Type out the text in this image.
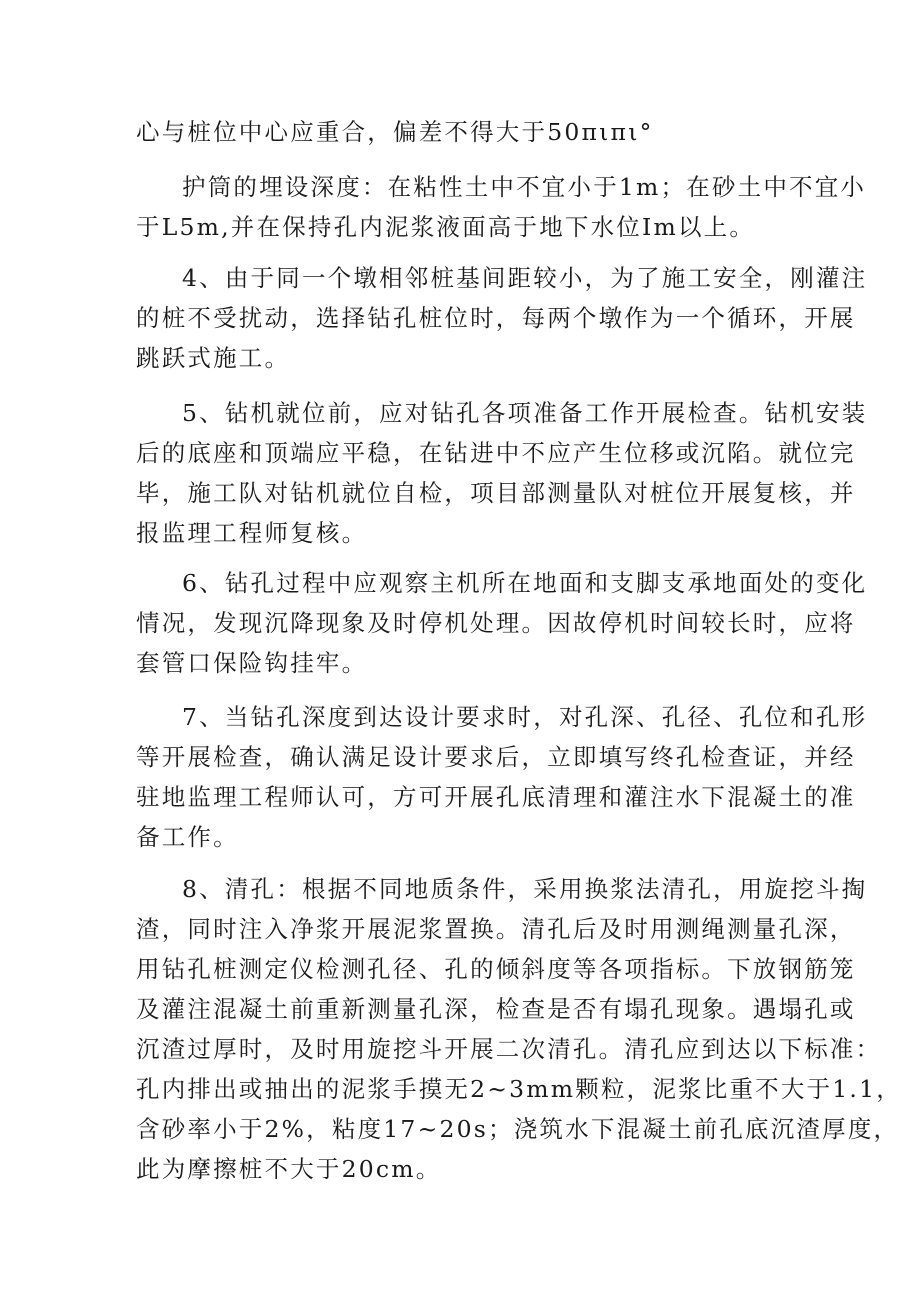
心与桩位中心应重合，偏差不得大于50πιπι°

护筒的埋设深度：在粘性土中不宜小于1m；在砂土中不宜小
于L5m,并在保持孔内泥浆液面高于地下水位Im以上。

4、由于同一个墩相邻桩基间距较小，为了施工安全，刚灌注
的桩不受扰动，选择钻孔桩位时，每两个墩作为一个循环，开展
跳跃式施工。

5、钻机就位前，应对钻孔各项准备工作开展检查。钻机安装
后的底座和顶端应平稳，在钻进中不应产生位移或沉陷。就位完
毕，施工队对钻机就位自检，项目部测量队对桩位开展复核，并
报监理工程师复核。

6、钻孔过程中应观察主机所在地面和支脚支承地面处的变化
情况，发现沉降现象及时停机处理。因故停机时间较长时，应将
套管口保险钩挂牢。

7、当钻孔深度到达设计要求时，对孔深、孔径、孔位和孔形
等开展检查，确认满足设计要求后，立即填写终孔检查证，并经
驻地监理工程师认可，方可开展孔底清理和灌注水下混凝土的准
备工作。

8、清孔：根据不同地质条件，采用换浆法清孔，用旋挖斗掏
渣，同时注入净浆开展泥浆置换。清孔后及时用测绳测量孔深，
用钻孔桩测定仪检测孔径、孔的倾斜度等各项指标。下放钢筋笼
及灌注混凝土前重新测量孔深，检查是否有塌孔现象。遇塌孔或
沉渣过厚时，及时用旋挖斗开展二次清孔。清孔应到达以下标准：
孔内排出或抽出的泥浆手摸无2~3mm颗粒，泥浆比重不大于1.1，
含砂率小于2%，粘度17~20s；浇筑水下混凝土前孔底沉渣厚度，
此为摩擦桩不大于20cm。
